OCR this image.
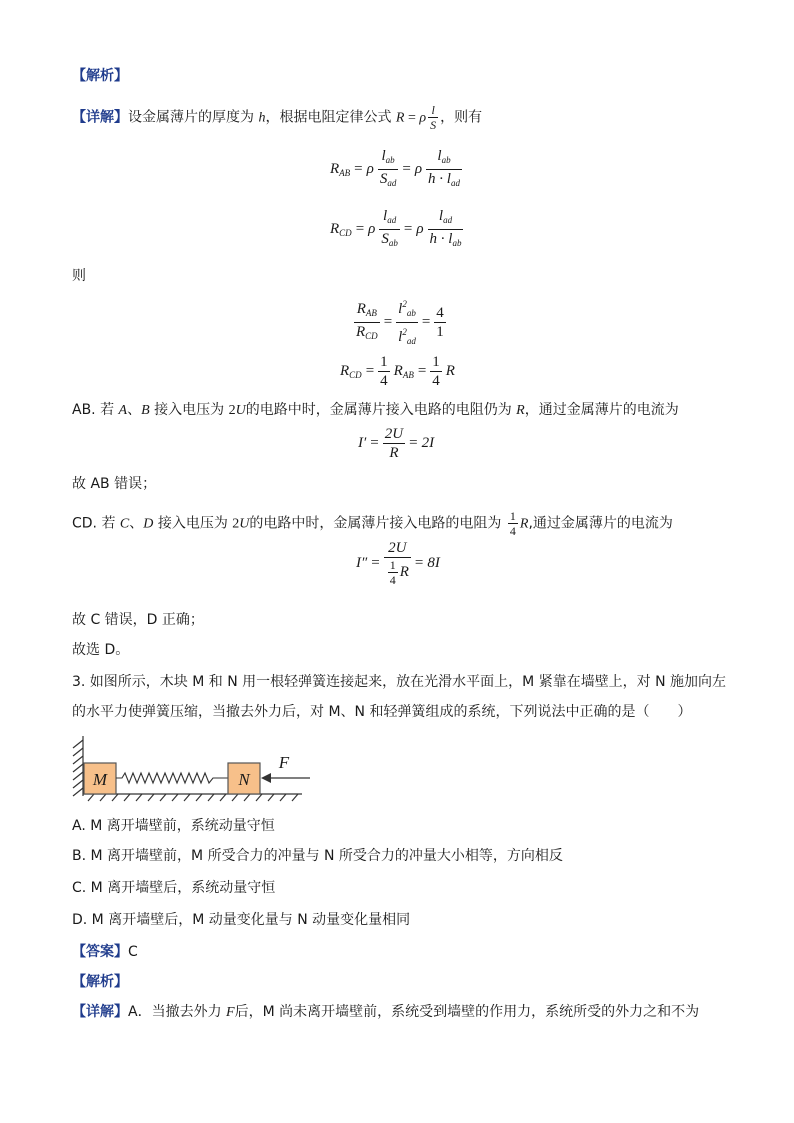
【解析】
【详解】设金属薄片的厚度为 h，根据电阻定律公式 R = ρ $\frac{l}{S}$ ，则有
$R_{AB} = \rho \frac{l_{ab}}{S_{ad}} = \rho \frac{l_{ab}}{h \cdot l_{ad}}$
$R_{CD} = \rho \frac{l_{ad}}{S_{ab}} = \rho \frac{l_{ad}}{h \cdot l_{ab}}$
则
$\frac{R_{AB}}{R_{CD}} = \frac{l^2_{ab}}{l^2_{ad}} = \frac{4}{1}$
$R_{CD} = \frac{1}{4} R_{AB} = \frac{1}{4}$ R
AB. 若 A、B 接入电压为 2U的电路中时，金属薄片接入电路的电阻仍为 R，通过金属薄片的电流为
$I' = \frac{2U}{R} = 2I$
故 AB 错误；
CD. 若 C、D 接入电压为 2U的电路中时，金属薄片接入电路的电阻为 $\frac{1}{4} R$,通过金属薄片的电流为
$I'' = \frac{2U}{\frac{1}{4} R} = 8I$
故 C 错误，D 正确；
故选 D。
3. 如图所示，木块 M 和 N 用一根轻弹簧连接起来，放在光滑水平面上，M 紧靠在墙壁上，对 N 施加向左
的水平力使弹簧压缩，当撤去外力后，对 M、N 和轻弹簧组成的系统，下列说法中正确的是（　　）
M	N
F
A. M 离开墙壁前，系统动量守恒
B. M 离开墙壁前，M 所受合力的冲量与 N 所受合力的冲量大小相等，方向相反
C. M 离开墙壁后，系统动量守恒
D. M 离开墙壁后，M 动量变化量与 N 动量变化量相同
【答案】C
【解析】
【详解】A．当撤去外力 F后，M 尚未离开墙壁前，系统受到墙壁的作用力，系统所受的外力之和不为
